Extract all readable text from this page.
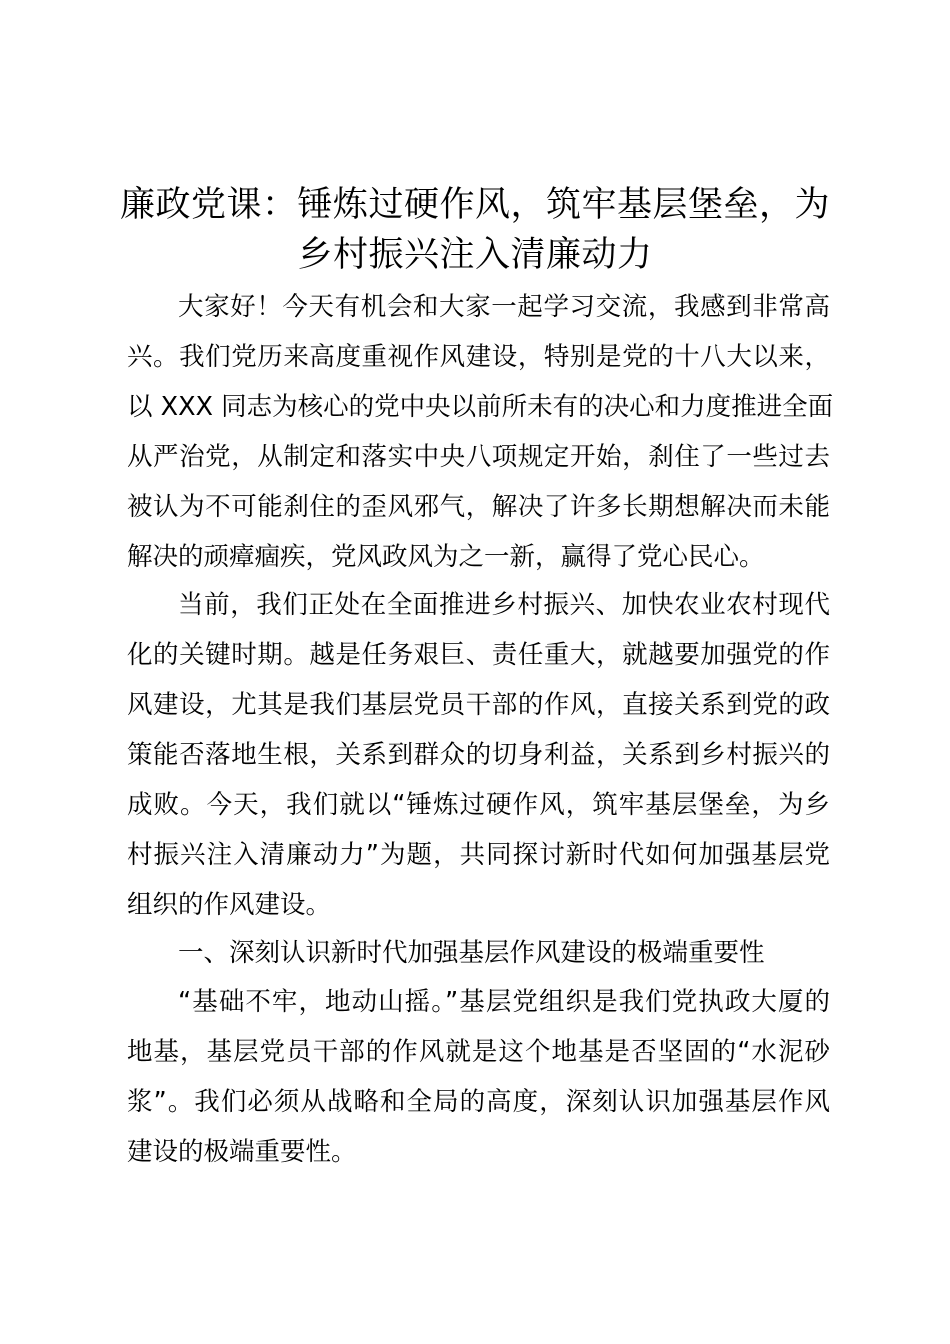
廉政党课：锤炼过硬作风，筑牢基层堡垒，为
乡村振兴注入清廉动力

大家好！今天有机会和大家一起学习交流，我感到非常高
兴。我们党历来高度重视作风建设，特别是党的十八大以来，
以 XXX 同志为核心的党中央以前所未有的决心和力度推进全面
从严治党，从制定和落实中央八项规定开始，刹住了一些过去
被认为不可能刹住的歪风邪气，解决了许多长期想解决而未能
解决的顽瘴痼疾，党风政风为之一新，赢得了党心民心。

当前，我们正处在全面推进乡村振兴、加快农业农村现代
化的关键时期。越是任务艰巨、责任重大，就越要加强党的作
风建设，尤其是我们基层党员干部的作风，直接关系到党的政
策能否落地生根，关系到群众的切身利益，关系到乡村振兴的
成败。今天，我们就以“锤炼过硬作风，筑牢基层堡垒，为乡
村振兴注入清廉动力”为题，共同探讨新时代如何加强基层党
组织的作风建设。

一、深刻认识新时代加强基层作风建设的极端重要性

“基础不牢，地动山摇。”基层党组织是我们党执政大厦的
地基，基层党员干部的作风就是这个地基是否坚固的“水泥砂
浆”。我们必须从战略和全局的高度，深刻认识加强基层作风
建设的极端重要性。
